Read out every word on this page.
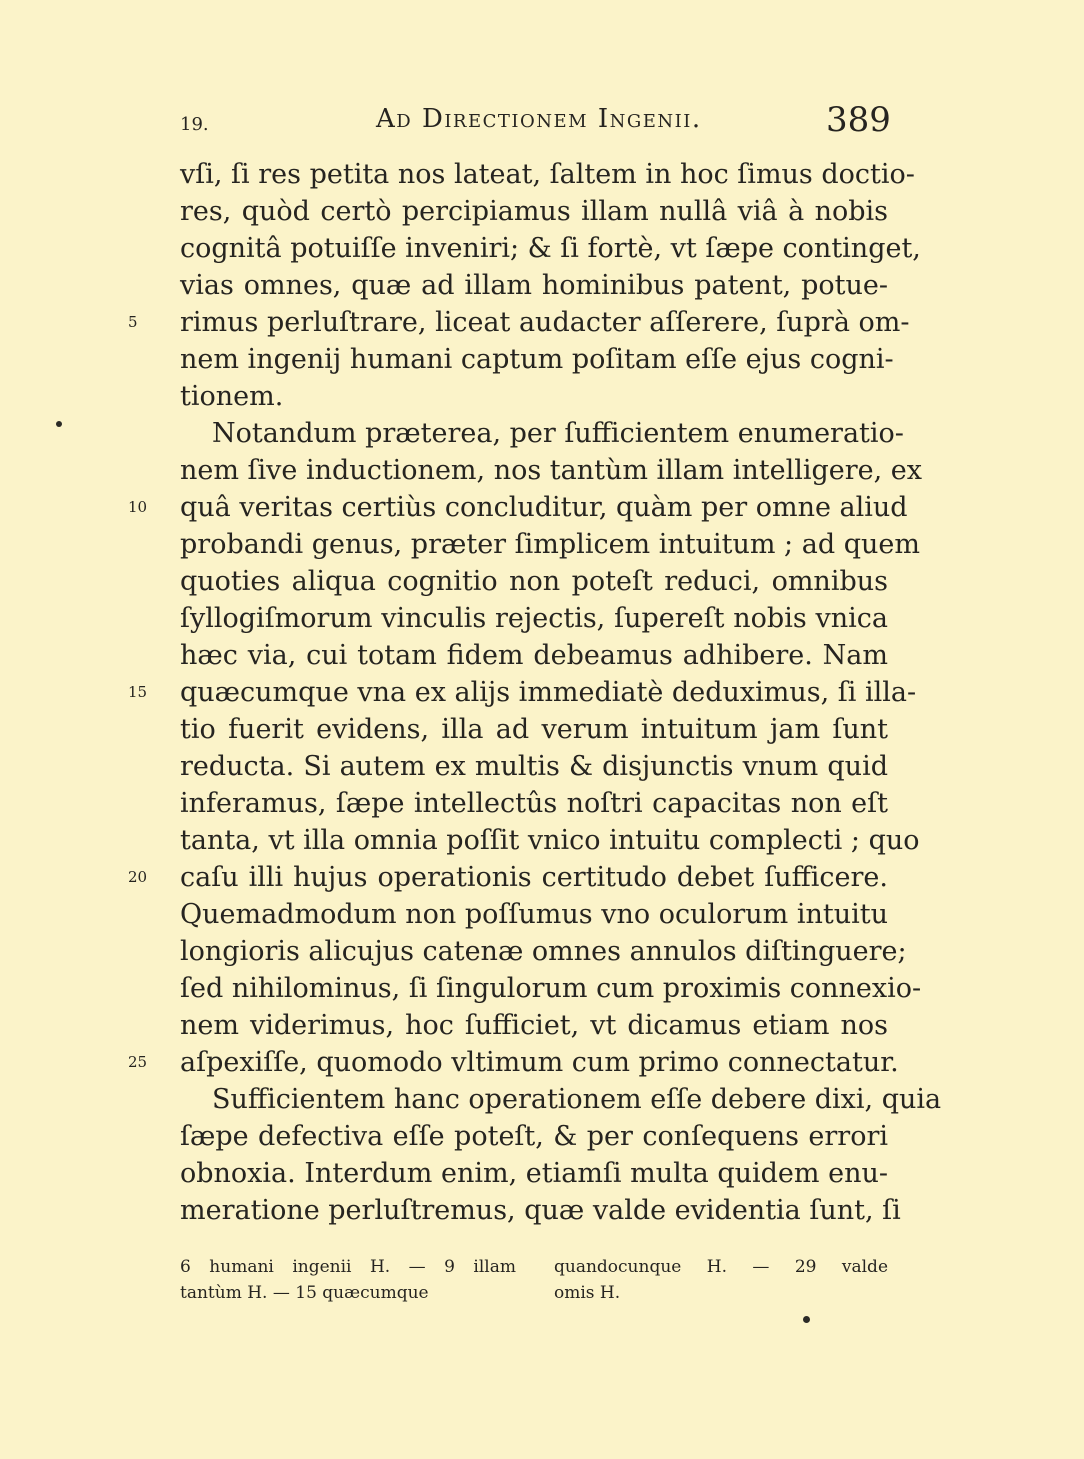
19.	Ad Directionem Ingenii.	389
vſi, ſi res petita nos lateat, ſaltem in hoc ſimus doctio-
res, quòd certò percipiamus illam nullâ viâ à nobis
cognitâ potuiſſe inveniri; & ſi fortè, vt ſæpe continget,
vias omnes, quæ ad illam hominibus patent, potue-
5	rimus perluſtrare, liceat audacter aſſerere, ſuprà om-
nem ingenij humani captum poſitam eſſe ejus cogni-
tionem.
Notandum præterea, per ſufficientem enumeratio-
nem ſive inductionem, nos tantùm illam intelligere, ex
10	quâ veritas certiùs concluditur, quàm per omne aliud
probandi genus, præter ſimplicem intuitum ; ad quem
quoties aliqua cognitio non poteſt reduci, omnibus
ſyllogiſmorum vinculis rejectis, ſupereſt nobis vnica
hæc via, cui totam fidem debeamus adhibere. Nam
15	quæcumque vna ex alijs immediatè deduximus, ſi illa-
tio fuerit evidens, illa ad verum intuitum jam ſunt
reducta. Si autem ex multis & disjunctis vnum quid
inferamus, ſæpe intellectûs noſtri capacitas non eſt
tanta, vt illa omnia poſſit vnico intuitu complecti ; quo
20	caſu illi hujus operationis certitudo debet ſufficere.
Quemadmodum non poſſumus vno oculorum intuitu
longioris alicujus catenæ omnes annulos diſtinguere;
ſed nihilominus, ſi ſingulorum cum proximis connexio-
nem viderimus, hoc ſufficiet, vt dicamus etiam nos
25	aſpexiſſe, quomodo vltimum cum primo connectatur.
Sufficientem hanc operationem eſſe debere dixi, quia
ſæpe defectiva eſſe poteſt, & per conſequens errori
obnoxia. Interdum enim, etiamſi multa quidem enu-
meratione perluſtremus, quæ valde evidentia ſunt, ſi
6 humani ingenii H. — 9 illam
tantùm H. — 15 quæcumque
quandocunque H. — 29 valde
omis H.
